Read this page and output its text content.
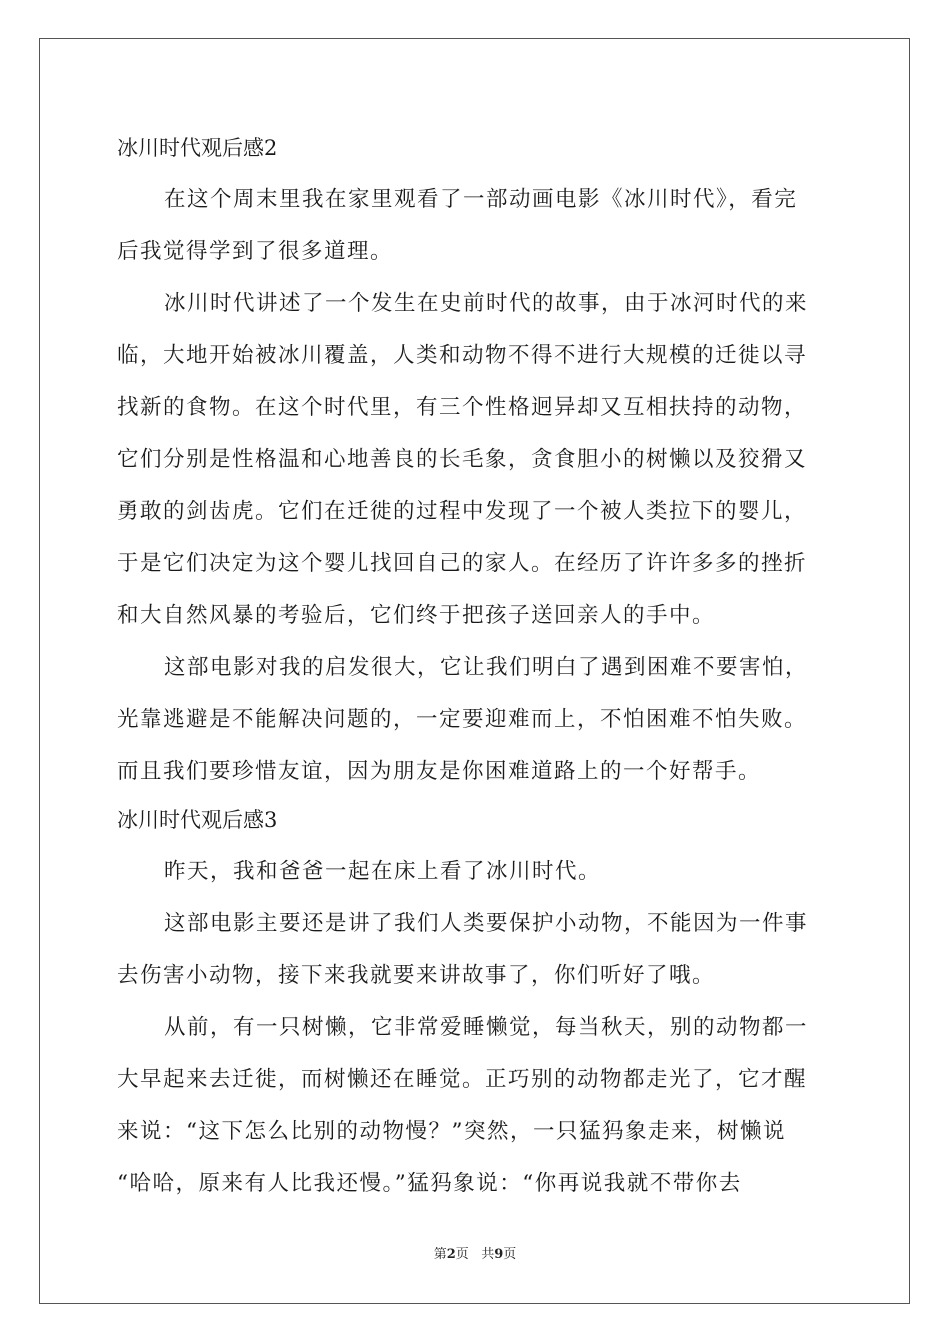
冰川时代观后感2

在这个周末里我在家里观看了一部动画电影《冰川时代》，看完
后我觉得学到了很多道理。

冰川时代讲述了一个发生在史前时代的故事，由于冰河时代的来
临，大地开始被冰川覆盖，人类和动物不得不进行大规模的迁徙以寻
找新的食物。在这个时代里，有三个性格迥异却又互相扶持的动物，
它们分别是性格温和心地善良的长毛象，贪食胆小的树懒以及狡猾又
勇敢的剑齿虎。它们在迁徙的过程中发现了一个被人类拉下的婴儿，
于是它们决定为这个婴儿找回自己的家人。在经历了许许多多的挫折
和大自然风暴的考验后，它们终于把孩子送回亲人的手中。

这部电影对我的启发很大，它让我们明白了遇到困难不要害怕，
光靠逃避是不能解决问题的，一定要迎难而上，不怕困难不怕失败。
而且我们要珍惜友谊，因为朋友是你困难道路上的一个好帮手。

冰川时代观后感3

昨天，我和爸爸一起在床上看了冰川时代。

这部电影主要还是讲了我们人类要保护小动物，不能因为一件事
去伤害小动物，接下来我就要来讲故事了，你们听好了哦。

从前，有一只树懒，它非常爱睡懒觉，每当秋天，别的动物都一
大早起来去迁徙，而树懒还在睡觉。正巧别的动物都走光了，它才醒
来说：“这下怎么比别的动物慢？”突然，一只猛犸象走来，树懒说
“哈哈，原来有人比我还慢。”猛犸象说：“你再说我就不带你去

第2页 共9页
